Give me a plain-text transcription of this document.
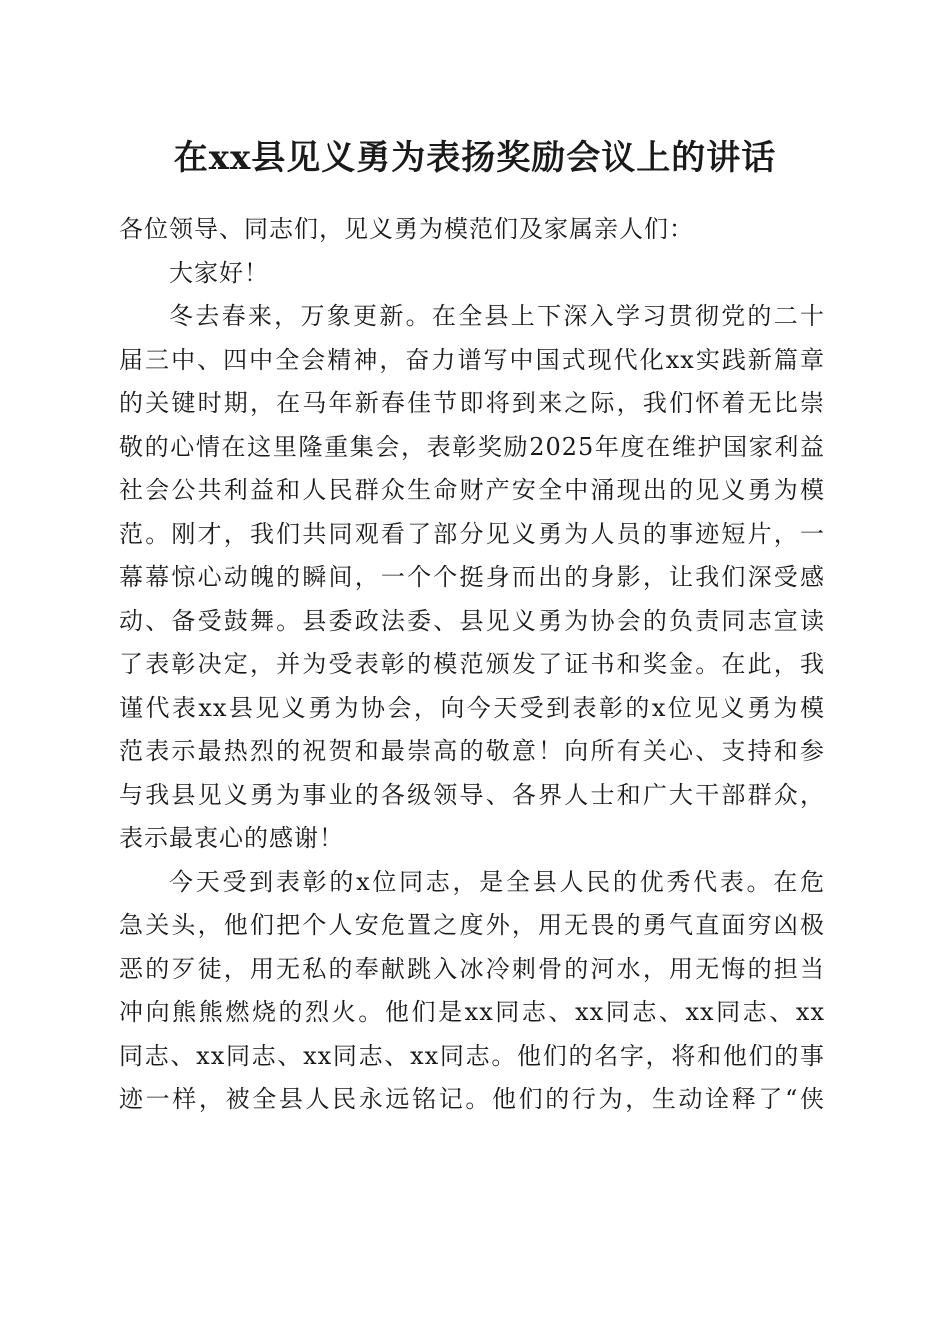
在xx县见义勇为表扬奖励会议上的讲话
各位领导、同志们，见义勇为模范们及家属亲人们：
大家好！
冬去春来，万象更新。在全县上下深入学习贯彻党的二十
届三中、四中全会精神，奋力谱写中国式现代化xx实践新篇章
的关键时期，在马年新春佳节即将到来之际，我们怀着无比崇
敬的心情在这里隆重集会，表彰奖励2025年度在维护国家利益
社会公共利益和人民群众生命财产安全中涌现出的见义勇为模
范。刚才，我们共同观看了部分见义勇为人员的事迹短片，一
幕幕惊心动魄的瞬间，一个个挺身而出的身影，让我们深受感
动、备受鼓舞。县委政法委、县见义勇为协会的负责同志宣读
了表彰决定，并为受表彰的模范颁发了证书和奖金。在此，我
谨代表xx县见义勇为协会，向今天受到表彰的x位见义勇为模
范表示最热烈的祝贺和最崇高的敬意！向所有关心、支持和参
与我县见义勇为事业的各级领导、各界人士和广大干部群众，
表示最衷心的感谢！
今天受到表彰的x位同志，是全县人民的优秀代表。在危
急关头，他们把个人安危置之度外，用无畏的勇气直面穷凶极
恶的歹徒，用无私的奉献跳入冰冷刺骨的河水，用无悔的担当
冲向熊熊燃烧的烈火。他们是xx同志、xx同志、xx同志、xx
同志、xx同志、xx同志、xx同志。他们的名字，将和他们的事
迹一样，被全县人民永远铭记。他们的行为，生动诠释了“侠
